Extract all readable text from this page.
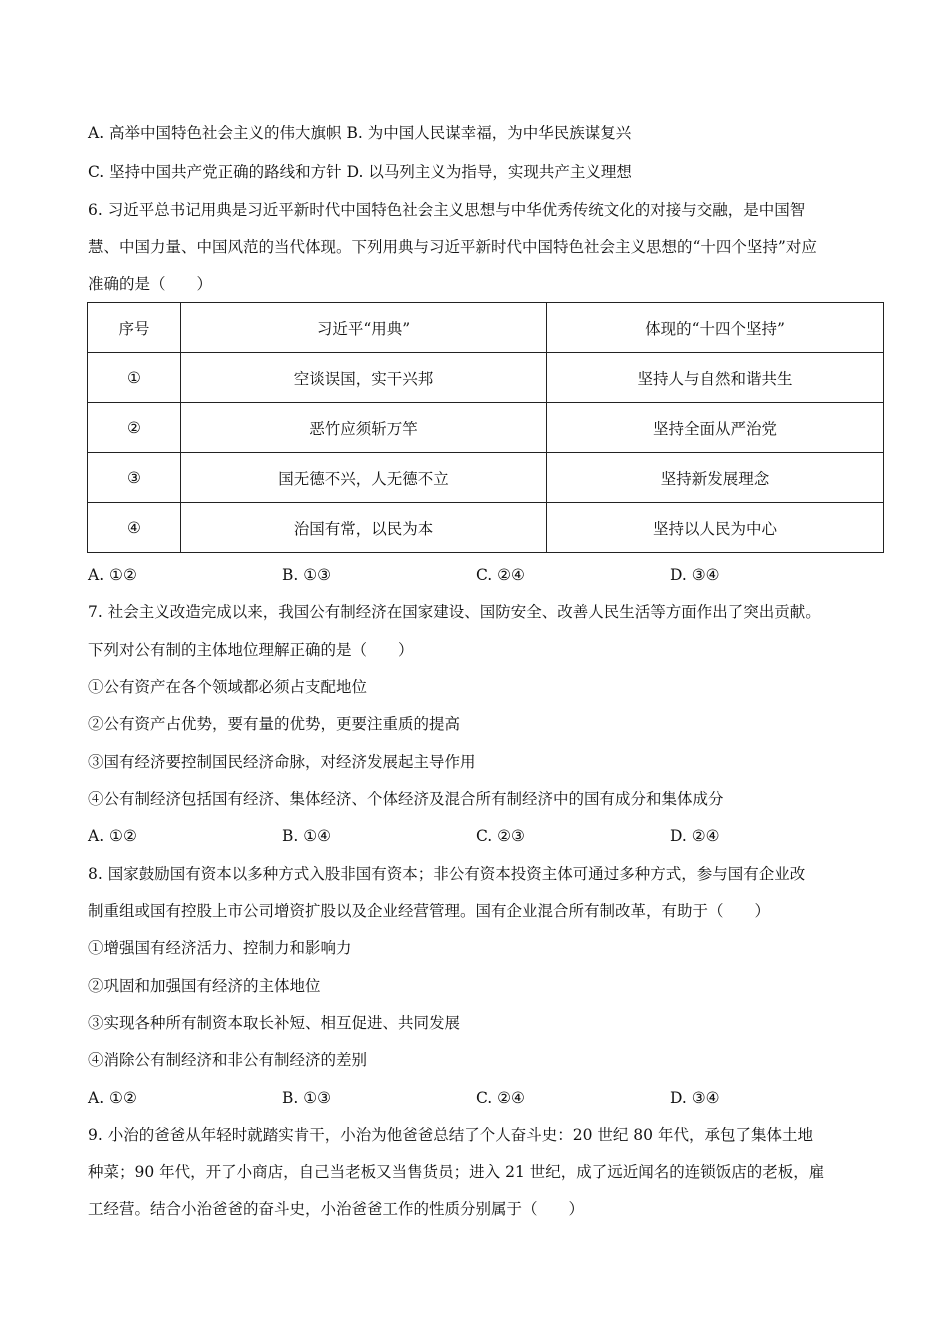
A. 高举中国特色社会主义的伟大旗帜 B. 为中国人民谋幸福，为中华民族谋复兴
C. 坚持中国共产党正确的路线和方针 D. 以马列主义为指导，实现共产主义理想
6. 习近平总书记用典是习近平新时代中国特色社会主义思想与中华优秀传统文化的对接与交融，是中国智
慧、中国力量、中国风范的当代体现。下列用典与习近平新时代中国特色社会主义思想的“十四个坚持”对应
准确的是（　　）
序号	习近平“用典”	体现的“十四个坚持”
①	空谈误国，实干兴邦	坚持人与自然和谐共生
②	恶竹应须斩万竿	坚持全面从严治党
③	国无德不兴，人无德不立	坚持新发展理念
④	治国有常，以民为本	坚持以人民为中心
A. ①②	B. ①③	C. ②④	D. ③④
7. 社会主义改造完成以来，我国公有制经济在国家建设、国防安全、改善人民生活等方面作出了突出贡献。
下列对公有制的主体地位理解正确的是（　　）
①公有资产在各个领域都必须占支配地位
②公有资产占优势，要有量的优势，更要注重质的提高
③国有经济要控制国民经济命脉，对经济发展起主导作用
④公有制经济包括国有经济、集体经济、个体经济及混合所有制经济中的国有成分和集体成分
A. ①②	B. ①④	C. ②③	D. ②④
8. 国家鼓励国有资本以多种方式入股非国有资本；非公有资本投资主体可通过多种方式，参与国有企业改
制重组或国有控股上市公司增资扩股以及企业经营管理。国有企业混合所有制改革，有助于（　　）
①增强国有经济活力、控制力和影响力
②巩固和加强国有经济的主体地位
③实现各种所有制资本取长补短、相互促进、共同发展
④消除公有制经济和非公有制经济的差别
A. ①②	B. ①③	C. ②④	D. ③④
9. 小治的爸爸从年轻时就踏实肯干，小治为他爸爸总结了个人奋斗史：20 世纪 80 年代，承包了集体土地
种菜；90 年代，开了小商店，自己当老板又当售货员；进入 21 世纪，成了远近闻名的连锁饭店的老板，雇
工经营。结合小治爸爸的奋斗史，小治爸爸工作的性质分别属于（　　）
